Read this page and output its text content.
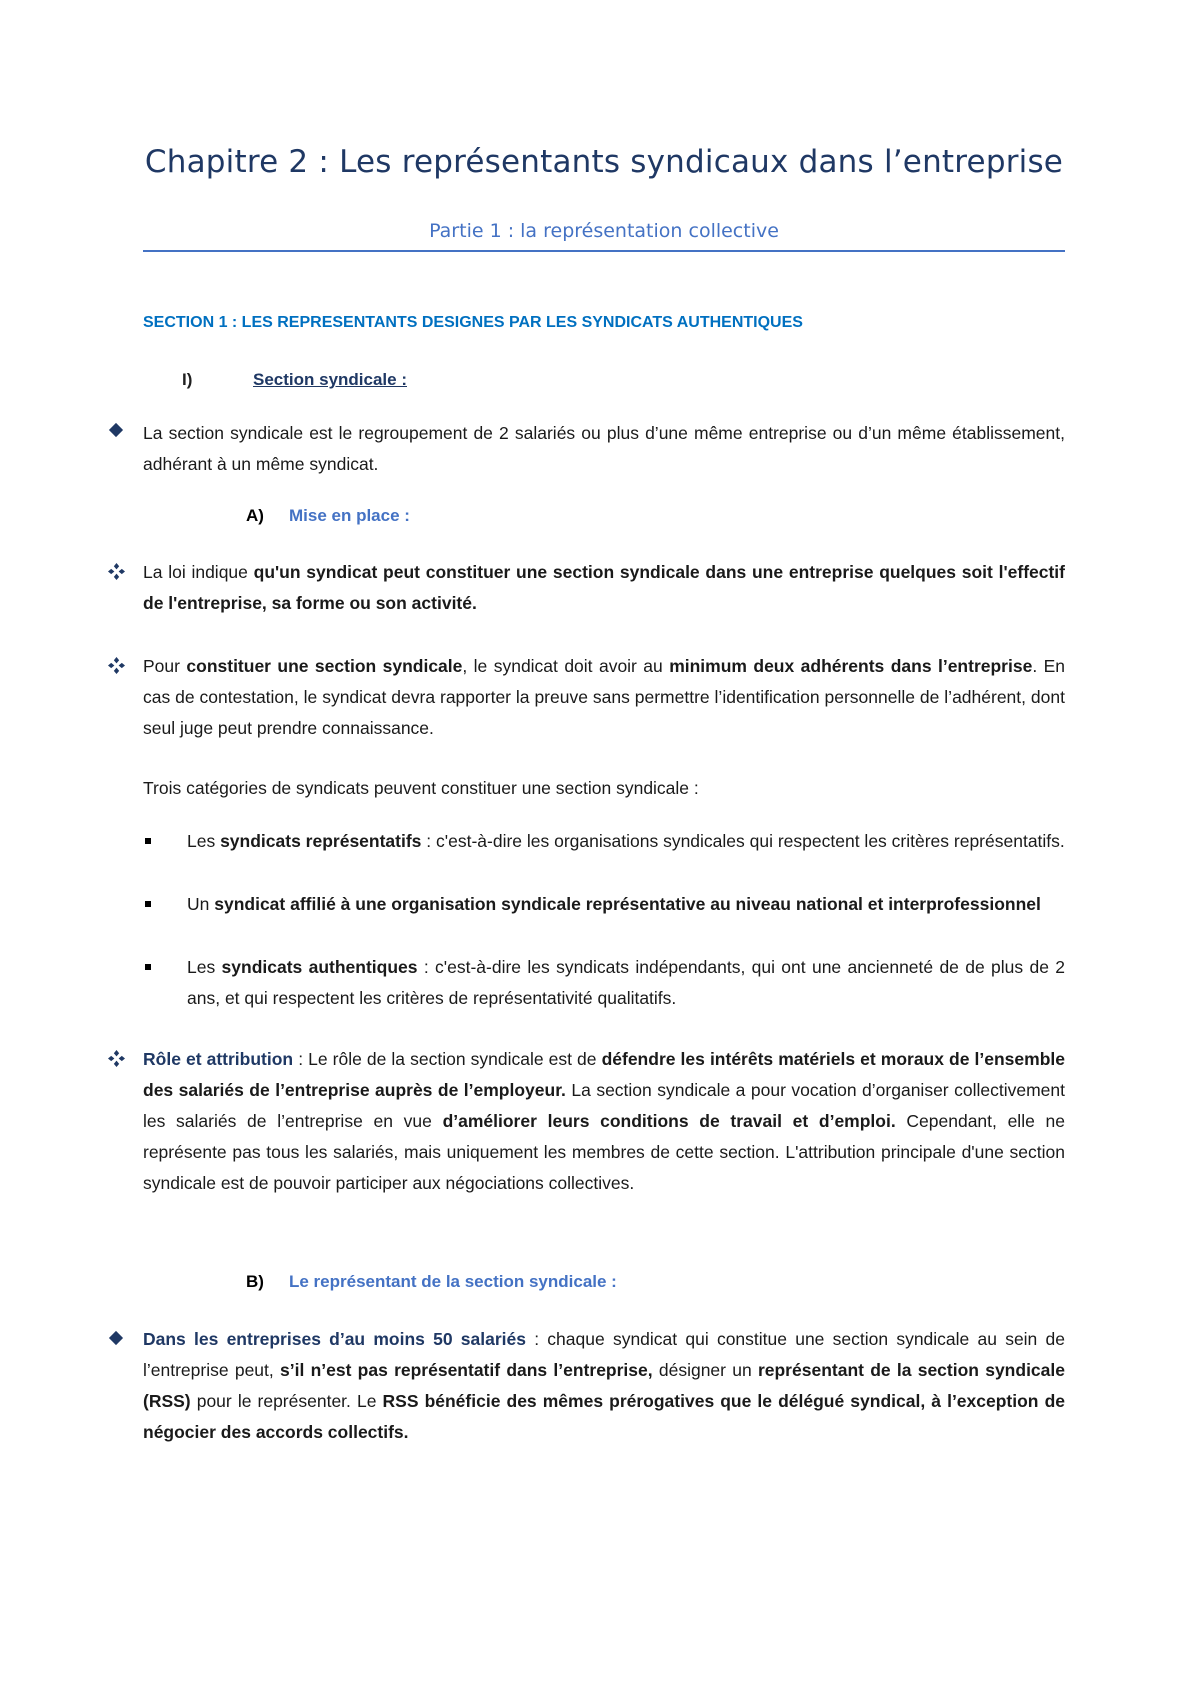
Chapitre 2 : Les représentants syndicaux dans l’entreprise
Partie 1 : la représentation collective
SECTION 1 : LES REPRESENTANTS DESIGNES PAR LES SYNDICATS AUTHENTIQUES
I)	Section syndicale :

La section syndicale est le regroupement de 2 salariés ou plus d’une même entreprise ou d’un même établissement, adhérant à un même syndicat.

A) Mise en place :

La loi indique qu'un syndicat peut constituer une section syndicale dans une entreprise quelques soit l'effectif de l'entreprise, sa forme ou son activité.

Pour constituer une section syndicale, le syndicat doit avoir au minimum deux adhérents dans l’entreprise. En cas de contestation, le syndicat devra rapporter la preuve sans permettre l’identification personnelle de l’adhérent, dont seul juge peut prendre connaissance.

Trois catégories de syndicats peuvent constituer une section syndicale :

Les syndicats représentatifs : c'est-à-dire les organisations syndicales qui respectent les critères représentatifs.

Un syndicat affilié à une organisation syndicale représentative au niveau national et interprofessionnel

Les syndicats authentiques : c'est-à-dire les syndicats indépendants, qui ont une ancienneté de de plus de 2 ans, et qui respectent les critères de représentativité qualitatifs.

Rôle et attribution : Le rôle de la section syndicale est de défendre les intérêts matériels et moraux de l’ensemble des salariés de l’entreprise auprès de l’employeur. La section syndicale a pour vocation d’organiser collectivement les salariés de l’entreprise en vue d’améliorer leurs conditions de travail et d’emploi. Cependant, elle ne représente pas tous les salariés, mais uniquement les membres de cette section. L'attribution principale d'une section syndicale est de pouvoir participer aux négociations collectives.

B) Le représentant de la section syndicale :

Dans les entreprises d’au moins 50 salariés : chaque syndicat qui constitue une section syndicale au sein de l’entreprise peut, s’il n’est pas représentatif dans l’entreprise, désigner un représentant de la section syndicale (RSS) pour le représenter. Le RSS bénéficie des mêmes prérogatives que le délégué syndical, à l’exception de négocier des accords collectifs.
